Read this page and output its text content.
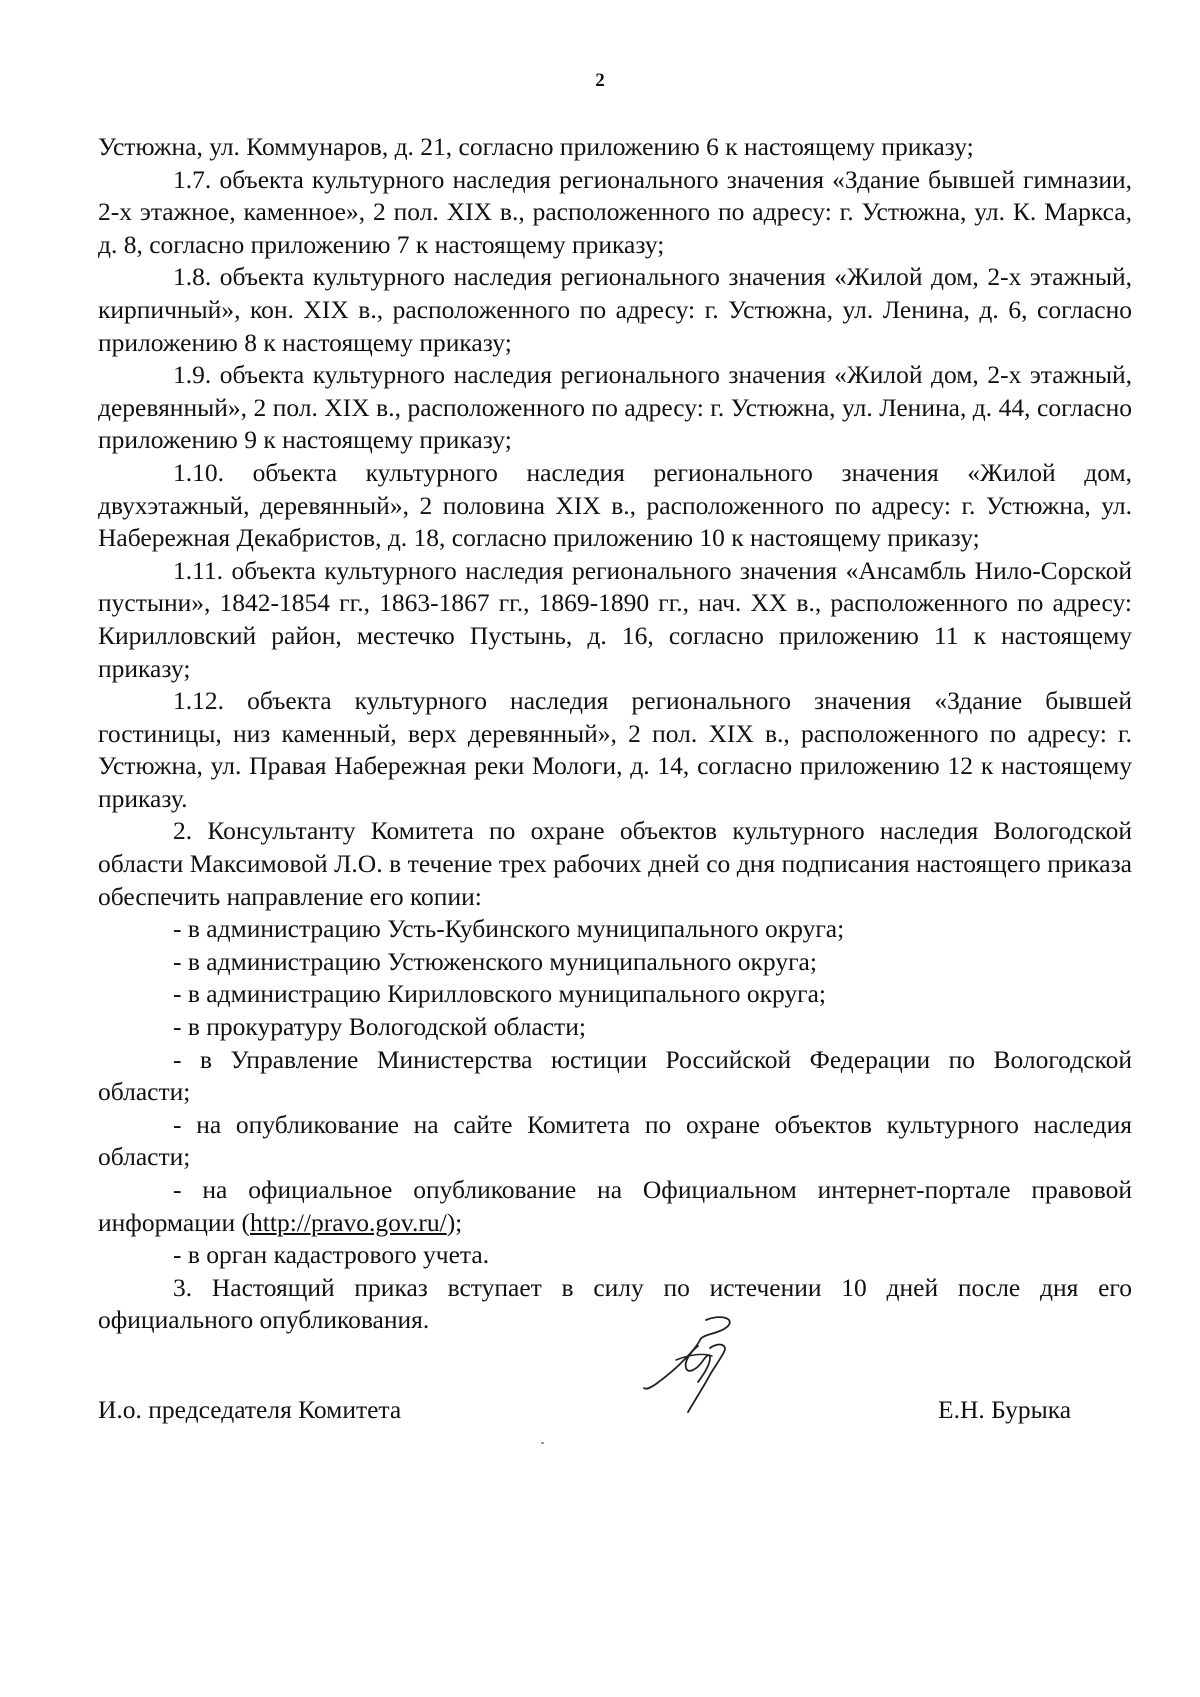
2

Устюжна, ул. Коммунаров, д. 21, согласно приложению 6 к настоящему приказу;

1.7. объекта культурного наследия регионального значения «Здание бывшей гимназии, 2-х этажное, каменное», 2 пол. XIX в., расположенного по адресу: г. Устюжна, ул. К. Маркса, д. 8, согласно приложению 7 к настоящему приказу;

1.8. объекта культурного наследия регионального значения «Жилой дом, 2-х этажный, кирпичный», кон. XIX в., расположенного по адресу: г. Устюжна, ул. Ленина, д. 6, согласно приложению 8 к настоящему приказу;

1.9. объекта культурного наследия регионального значения «Жилой дом, 2-х этажный, деревянный», 2 пол. XIX в., расположенного по адресу: г. Устюжна, ул. Ленина, д. 44, согласно приложению 9 к настоящему приказу;

1.10. объекта культурного наследия регионального значения «Жилой дом, двухэтажный, деревянный», 2 половина XIX в., расположенного по адресу: г. Устюжна, ул. Набережная Декабристов, д. 18, согласно приложению 10 к настоящему приказу;

1.11. объекта культурного наследия регионального значения «Ансамбль Нило-Сорской пустыни», 1842-1854 гг., 1863-1867 гг., 1869-1890 гг., нач. XX в., расположенного по адресу: Кирилловский район, местечко Пустынь, д. 16, согласно приложению 11 к настоящему приказу;

1.12. объекта культурного наследия регионального значения «Здание бывшей гостиницы, низ каменный, верх деревянный», 2 пол. XIX в., расположенного по адресу: г. Устюжна, ул. Правая Набережная реки Мологи, д. 14, согласно приложению 12 к настоящему приказу.

2. Консультанту Комитета по охране объектов культурного наследия Вологодской области Максимовой Л.О. в течение трех рабочих дней со дня подписания настоящего приказа обеспечить направление его копии:

- в администрацию Усть-Кубинского муниципального округа;

- в администрацию Устюженского муниципального округа;

- в администрацию Кирилловского муниципального округа;

- в прокуратуру Вологодской области;

- в Управление Министерства юстиции Российской Федерации по Вологодской области;

- на опубликование на сайте Комитета по охране объектов культурного наследия области;

- на официальное опубликование на Официальном интернет-портале правовой информации (http://pravo.gov.ru/);

- в орган кадастрового учета.

3. Настоящий приказ вступает в силу по истечении 10 дней после дня его официального опубликования.

И.о. председателя Комитета	Е.Н. Бурыка
